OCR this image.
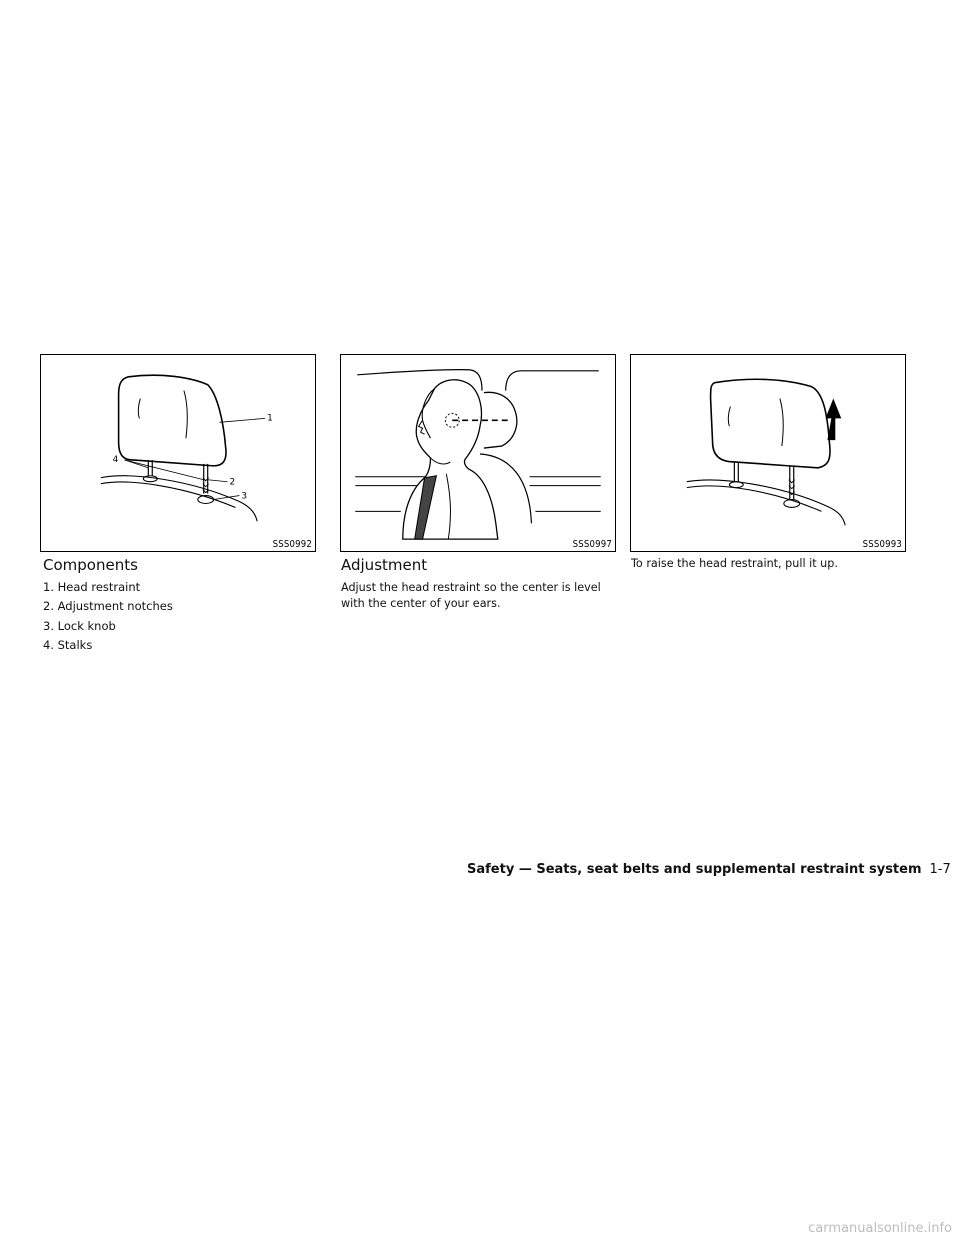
1
2
3
4
SSS0992	SSS0997	SSS0993
Components

1. Head restraint

2. Adjustment notches

3. Lock knob

4. Stalks

Adjustment

Adjust the head restraint so the center is level with the center of your ears.

To raise the head restraint, pull it up.

Safety — Seats, seat belts and supplemental restraint system 1-7
carmanualsonline.info
